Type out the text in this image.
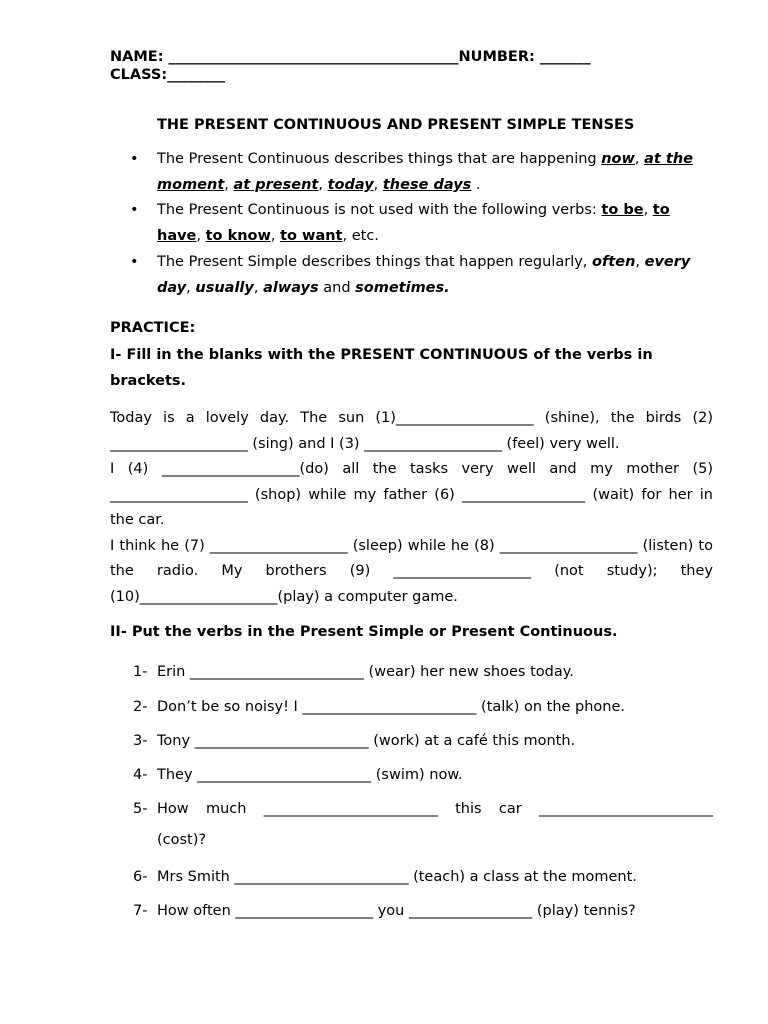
NAME: ________________________________________NUMBER: _______
CLASS:________
THE PRESENT CONTINUOUS AND PRESENT SIMPLE TENSES
• The Present Continuous describes things that are happening now, at the moment, at present, today, these days .
• The Present Continuous is not used with the following verbs: to be, to have, to know, to want, etc.
• The Present Simple describes things that happen regularly, often, every day, usually, always and sometimes.
PRACTICE:
I- Fill in the blanks with the PRESENT CONTINUOUS of the verbs in brackets.

Today is a lovely day. The sun (1)___________________ (shine), the birds (2) ___________________ (sing) and I (3) ___________________ (feel) very well.

I (4) ___________________(do) all the tasks very well and my mother (5) ___________________ (shop) while my father (6) _________________ (wait) for her in the car.

I think he (7) ___________________ (sleep) while he (8) ___________________ (listen) to the radio. My brothers (9) ___________________ (not study); they (10)___________________(play) a computer game.

II- Put the verbs in the Present Simple or Present Continuous.
1- Erin ________________________ (wear) her new shoes today.
2- Don’t be so noisy! I ________________________ (talk) on the phone.
3- Tony ________________________ (work) at a café this month.
4- They ________________________ (swim) now.
5- How much ________________________ this car ________________________
(cost)?
6- Mrs Smith ________________________ (teach) a class at the moment.
7- How often ___________________ you _________________ (play) tennis?
